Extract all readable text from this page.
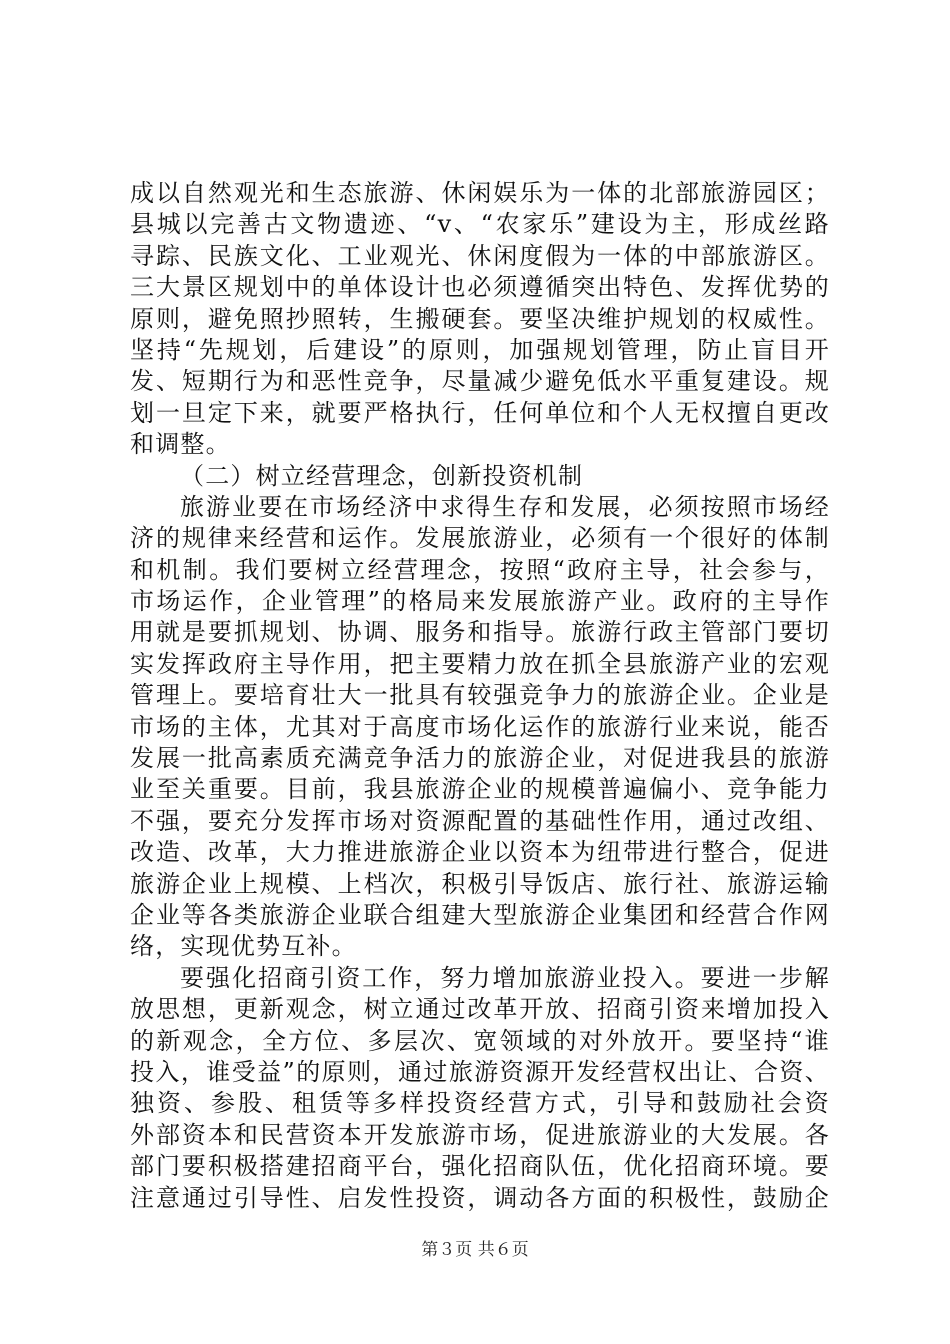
成以自然观光和生态旅游、休闲娱乐为一体的北部旅游园区；
县城以完善古文物遗迹、“v、“农家乐”建设为主，形成丝路
寻踪、民族文化、工业观光、休闲度假为一体的中部旅游区。
三大景区规划中的单体设计也必须遵循突出特色、发挥优势的
原则，避免照抄照转，生搬硬套。要坚决维护规划的权威性。
坚持“先规划，后建设”的原则，加强规划管理，防止盲目开
发、短期行为和恶性竞争，尽量减少避免低水平重复建设。规
划一旦定下来，就要严格执行，任何单位和个人无权擅自更改
和调整。
（二）树立经营理念，创新投资机制
旅游业要在市场经济中求得生存和发展，必须按照市场经
济的规律来经营和运作。发展旅游业，必须有一个很好的体制
和机制。我们要树立经营理念，按照“政府主导，社会参与，
市场运作，企业管理”的格局来发展旅游产业。政府的主导作
用就是要抓规划、协调、服务和指导。旅游行政主管部门要切
实发挥政府主导作用，把主要精力放在抓全县旅游产业的宏观
管理上。要培育壮大一批具有较强竞争力的旅游企业。企业是
市场的主体，尤其对于高度市场化运作的旅游行业来说，能否
发展一批高素质充满竞争活力的旅游企业，对促进我县的旅游
业至关重要。目前，我县旅游企业的规模普遍偏小、竞争能力
不强，要充分发挥市场对资源配置的基础性作用，通过改组、
改造、改革，大力推进旅游企业以资本为纽带进行整合，促进
旅游企业上规模、上档次，积极引导饭店、旅行社、旅游运输
企业等各类旅游企业联合组建大型旅游企业集团和经营合作网
络，实现优势互补。
要强化招商引资工作，努力增加旅游业投入。要进一步解
放思想，更新观念，树立通过改革开放、招商引资来增加投入
的新观念，全方位、多层次、宽领域的对外放开。要坚持“谁
投入，谁受益”的原则，通过旅游资源开发经营权出让、合资、
独资、参股、租赁等多样投资经营方式，引导和鼓励社会资
外部资本和民营资本开发旅游市场，促进旅游业的大发展。各
部门要积极搭建招商平台，强化招商队伍，优化招商环境。要
注意通过引导性、启发性投资，调动各方面的积极性，鼓励企
第３页 共６页
